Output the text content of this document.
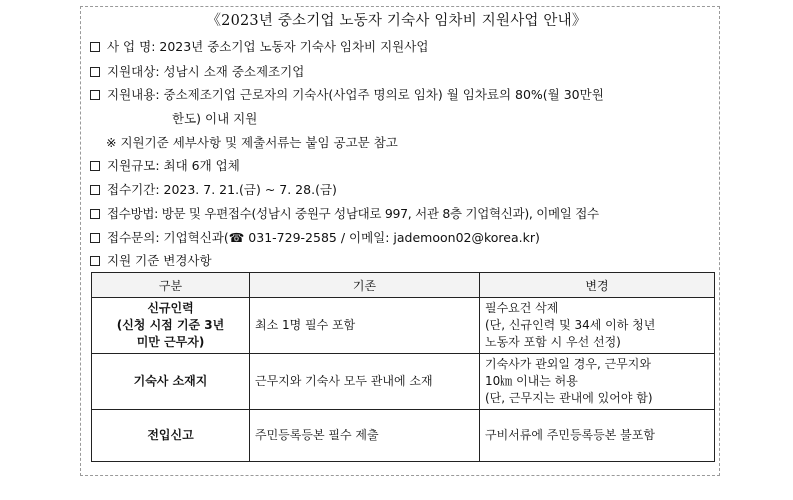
《2023년 중소기업 노동자 기숙사 임차비 지원사업 안내》
사 업 명: 2023년 중소기업 노동자 기숙사 임차비 지원사업
지원대상: 성남시 소재 중소제조기업
지원내용: 중소제조기업 근로자의 기숙사(사업주 명의로 임차) 월 임차료의 80%(월 30만원
한도) 이내 지원
※ 지원기준 세부사항 및 제출서류는 붙임 공고문 참고
지원규모: 최대 6개 업체
접수기간: 2023. 7. 21.(금) ~ 7. 28.(금)
접수방법: 방문 및 우편접수(성남시 중원구 성남대로 997, 서관 8층 기업혁신과), 이메일 접수
접수문의: 기업혁신과(☎ 031-729-2585 / 이메일: jademoon02@korea.kr)
지원 기준 변경사항
구분	기존	변경

신규인력
(신청 시점 기준 3년
미만 근무자)	최소 1명 필수 포함	필수요건 삭제
(단, 신규인력 및 34세 이하 청년
노동자 포함 시 우선 선정)

기숙사 소재지	근무지와 기숙사 모두 관내에 소재	기숙사가 관외일 경우, 근무지와
10㎞ 이내는 허용
(단, 근무지는 관내에 있어야 함)

전입신고	주민등록등본 필수 제출	구비서류에 주민등록등본 불포함
